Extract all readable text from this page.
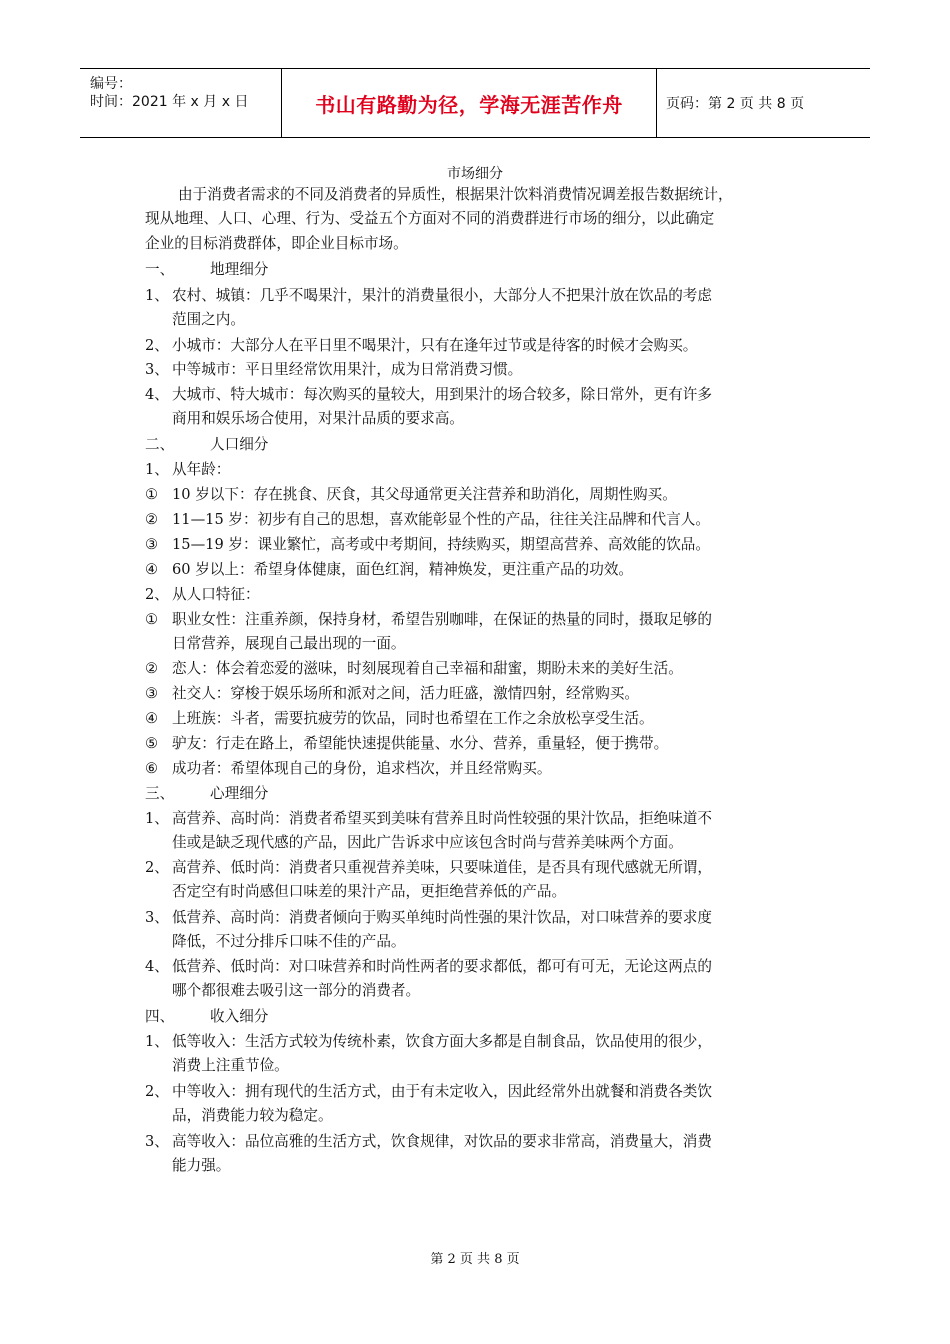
编号：
时间：2021 年 x 月 x 日	书山有路勤为径，学海无涯苦作舟	页码：第 2 页 共 8 页
市场细分
由于消费者需求的不同及消费者的异质性，根据果汁饮料消费情况调差报告数据统计，
现从地理、人口、心理、行为、受益五个方面对不同的消费群进行市场的细分，以此确定
企业的目标消费群体，即企业目标市场。
一、 地理细分
1、 农村、城镇：几乎不喝果汁，果汁的消费量很小，大部分人不把果汁放在饮品的考虑
范围之内。
2、 小城市：大部分人在平日里不喝果汁，只有在逢年过节或是待客的时候才会购买。
3、 中等城市：平日里经常饮用果汁，成为日常消费习惯。
4、 大城市、特大城市：每次购买的量较大，用到果汁的场合较多，除日常外，更有许多
商用和娱乐场合使用，对果汁品质的要求高。
二、 人口细分
1、 从年龄：
① 10 岁以下：存在挑食、厌食，其父母通常更关注营养和助消化，周期性购买。
② 11—15 岁：初步有自己的思想，喜欢能彰显个性的产品，往往关注品牌和代言人。
③ 15—19 岁：课业繁忙，高考或中考期间，持续购买，期望高营养、高效能的饮品。
④ 60 岁以上：希望身体健康，面色红润，精神焕发，更注重产品的功效。
2、 从人口特征：
① 职业女性：注重养颜，保持身材，希望告别咖啡，在保证的热量的同时，摄取足够的
日常营养，展现自己最出现的一面。
② 恋人：体会着恋爱的滋味，时刻展现着自己幸福和甜蜜，期盼未来的美好生活。
③ 社交人：穿梭于娱乐场所和派对之间，活力旺盛，激情四射，经常购买。
④ 上班族：斗者，需要抗疲劳的饮品，同时也希望在工作之余放松享受生活。
⑤ 驴友：行走在路上，希望能快速提供能量、水分、营养，重量轻，便于携带。
⑥ 成功者：希望体现自己的身份，追求档次，并且经常购买。
三、 心理细分
1、 高营养、高时尚：消费者希望买到美味有营养且时尚性较强的果汁饮品，拒绝味道不
佳或是缺乏现代感的产品，因此广告诉求中应该包含时尚与营养美味两个方面。
2、 高营养、低时尚：消费者只重视营养美味，只要味道佳，是否具有现代感就无所谓，
否定空有时尚感但口味差的果汁产品，更拒绝营养低的产品。
3、 低营养、高时尚：消费者倾向于购买单纯时尚性强的果汁饮品，对口味营养的要求度
降低，不过分排斥口味不佳的产品。
4、 低营养、低时尚：对口味营养和时尚性两者的要求都低，都可有可无，无论这两点的
哪个都很难去吸引这一部分的消费者。
四、 收入细分
1、 低等收入：生活方式较为传统朴素，饮食方面大多都是自制食品，饮品使用的很少，
消费上注重节俭。
2、 中等收入：拥有现代的生活方式，由于有未定收入，因此经常外出就餐和消费各类饮
品，消费能力较为稳定。
3、 高等收入：品位高雅的生活方式，饮食规律，对饮品的要求非常高，消费量大，消费
能力强。
第 2 页 共 8 页
